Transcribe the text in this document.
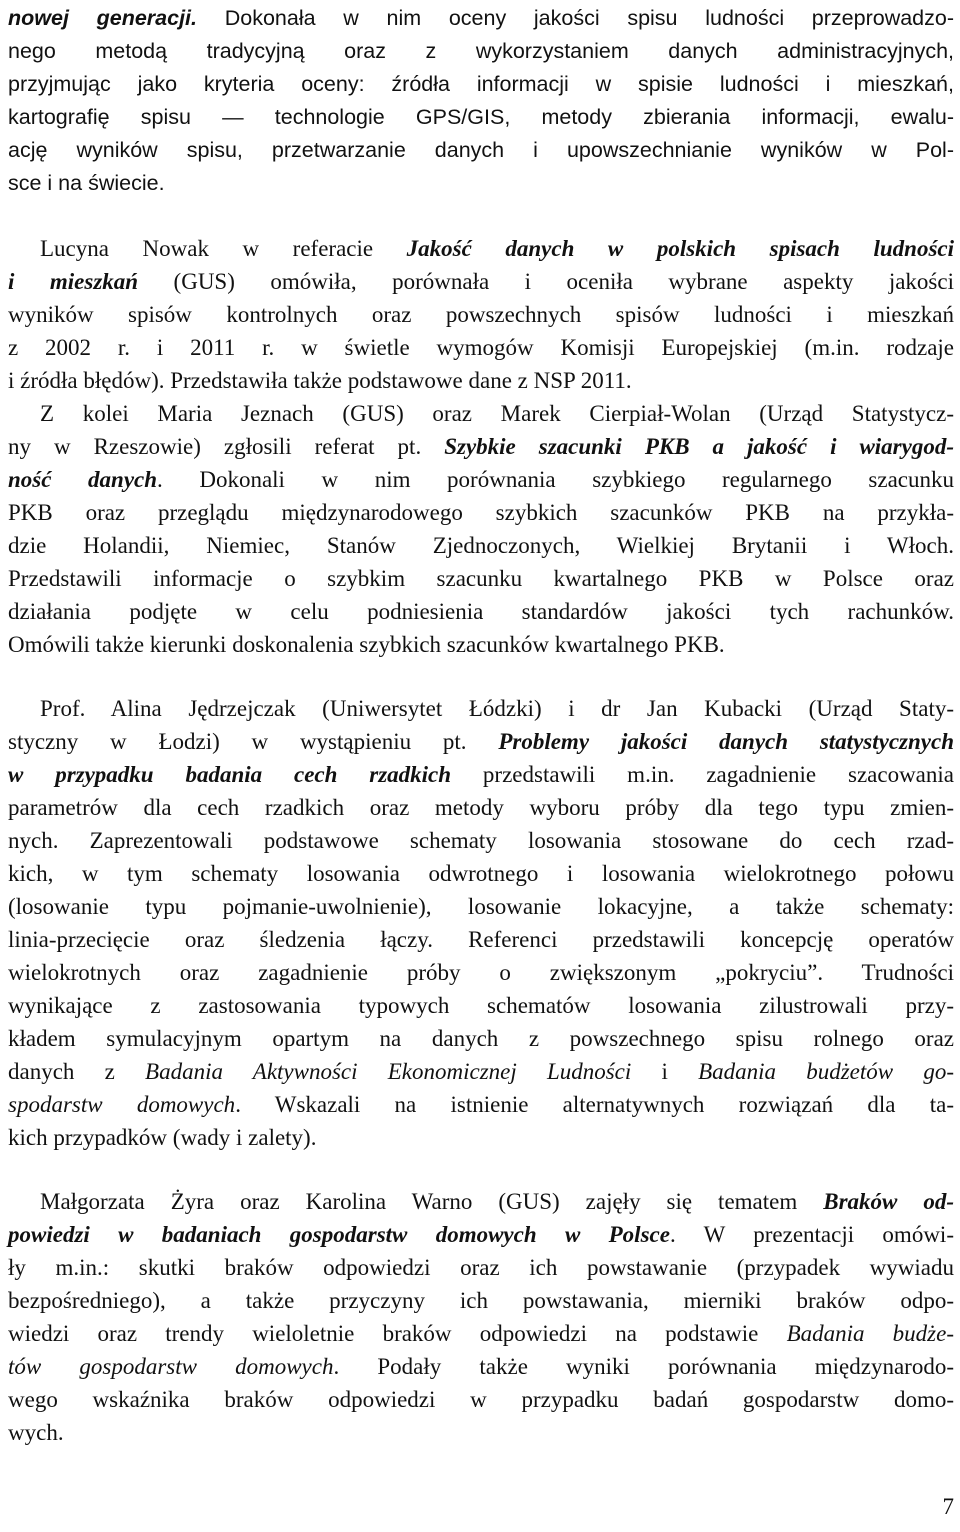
nowej generacji. Dokonała w nim oceny jakości spisu ludności przeprowadzo-
nego metodą tradycyjną oraz z wykorzystaniem danych administracyjnych,
przyjmując jako kryteria oceny: źródła informacji w spisie ludności i mieszkań,
kartografię spisu — technologie GPS/GIS, metody zbierania informacji, ewalu-
ację wyników spisu, przetwarzanie danych i upowszechnianie wyników w Pol-
sce i na świecie.
Lucyna Nowak w referacie Jakość danych w polskich spisach ludności
i mieszkań (GUS) omówiła, porównała i oceniła wybrane aspekty jakości
wyników spisów kontrolnych oraz powszechnych spisów ludności i mieszkań
z 2002 r. i 2011 r. w świetle wymogów Komisji Europejskiej (m.in. rodzaje
i źródła błędów). Przedstawiła także podstawowe dane z NSP 2011.
Z kolei Maria Jeznach (GUS) oraz Marek Cierpiał-Wolan (Urząd Statystycz-
ny w Rzeszowie) zgłosili referat pt. Szybkie szacunki PKB a jakość i wiarygod-
ność danych. Dokonali w nim porównania szybkiego regularnego szacunku
PKB oraz przeglądu międzynarodowego szybkich szacunków PKB na przykła-
dzie Holandii, Niemiec, Stanów Zjednoczonych, Wielkiej Brytanii i Włoch.
Przedstawili informacje o szybkim szacunku kwartalnego PKB w Polsce oraz
działania podjęte w celu podniesienia standardów jakości tych rachunków.
Omówili także kierunki doskonalenia szybkich szacunków kwartalnego PKB.
Prof. Alina Jędrzejczak (Uniwersytet Łódzki) i dr Jan Kubacki (Urząd Staty-
styczny w Łodzi) w wystąpieniu pt. Problemy jakości danych statystycznych
w przypadku badania cech rzadkich przedstawili m.in. zagadnienie szacowania
parametrów dla cech rzadkich oraz metody wyboru próby dla tego typu zmien-
nych. Zaprezentowali podstawowe schematy losowania stosowane do cech rzad-
kich, w tym schematy losowania odwrotnego i losowania wielokrotnego połowu
(losowanie typu pojmanie-uwolnienie), losowanie lokacyjne, a także schematy:
linia-przecięcie oraz śledzenia łączy. Referenci przedstawili koncepcję operatów
wielokrotnych oraz zagadnienie próby o zwiększonym „pokryciu”. Trudności
wynikające z zastosowania typowych schematów losowania zilustrowali przy-
kładem symulacyjnym opartym na danych z powszechnego spisu rolnego oraz
danych z Badania Aktywności Ekonomicznej Ludności i Badania budżetów go-
spodarstw domowych. Wskazali na istnienie alternatywnych rozwiązań dla ta-
kich przypadków (wady i zalety).
Małgorzata Żyra oraz Karolina Warno (GUS) zajęły się tematem Braków od-
powiedzi w badaniach gospodarstw domowych w Polsce. W prezentacji omówi-
ły m.in.: skutki braków odpowiedzi oraz ich powstawanie (przypadek wywiadu
bezpośredniego), a także przyczyny ich powstawania, mierniki braków odpo-
wiedzi oraz trendy wieloletnie braków odpowiedzi na podstawie Badania budże-
tów gospodarstw domowych. Podały także wyniki porównania międzynarodo-
wego wskaźnika braków odpowiedzi w przypadku badań gospodarstw domo-
wych.
7
